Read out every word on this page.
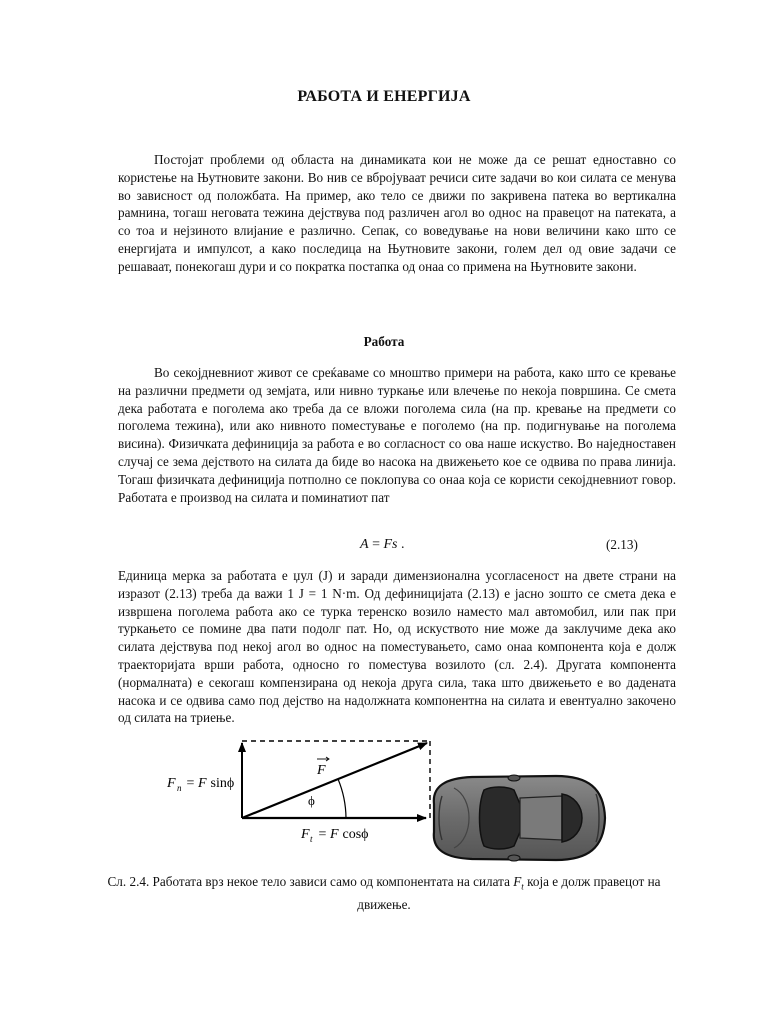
РАБОТА И ЕНЕРГИЈА

Постојат проблеми од областа на динамиката кои не може да се решат едноставно со користење на Њутновите закони. Во нив се вбројуваат речиси сите задачи во кои силата се менува во зависност од положбата. На пример, ако тело се движи по закривена патека во вертикална рамнина, тогаш неговата тежина дејствува под различен агол во однос на правецот на патеката, а со тоа и нејзиното влијание е различно. Сепак, со воведување на нови величини како што се енергијата и импулсот, а како последица на Њутновите закони, голем дел од овие задачи се решаваат, понекогаш дури и со пократка постапка од онаа со примена на Њутновите закони.

Работа

Во секојдневниот живот се среќаваме со мноштво примери на работа, како што се кревање на различни предмети од земјата, или нивно туркање или влечење по некоја површина. Се смета дека работата е поголема ако треба да се вложи поголема сила (на пр. кревање на предмети со поголема тежина), или ако нивното поместување е поголемо (на пр. подигнување на поголема висина). Физичката дефиниција за работа е во согласност со ова наше искуство. Во наједноставен случај се зема дејството на силата да биде во насока на движењето кое се одвива по права линија. Тогаш физичката дефиниција потполно се поклопува со онаа која се користи секојдневниот говор. Работата е производ на силата и поминатиот пат

A = Fs .	(2.13)

Единица мерка за работата е џул (J) и заради димензионална усогласеност на двете страни на изразот (2.13) треба да важи 1 J = 1 N·m. Од дефиницијата (2.13) е јасно зошто се смета дека е извршена поголема работа ако се турка теренско возило наместо мал автомобил, или пак при туркањето се помине два пати подолг пат. Но, од искуството ние може да заклучиме дека ако силата дејствува под некој агол во однос на поместувањето, само онаа компонента која е долж траекторијата врши работа, односно го поместува возилото (сл. 2.4). Другата компонента (нормалната) е секогаш компензирана од некоја друга сила, така што движењето е во дадената насока и се одвива само под дејство на надолжната компонентна на силата и евентуално закочено од силата на триење.

F
ϕ
F n = F sinϕ
F t = F cosϕ
Сл. 2.4. Работата врз некое тело зависи само од компонентата на силата $F_t$ која е долж правецот на движење.
